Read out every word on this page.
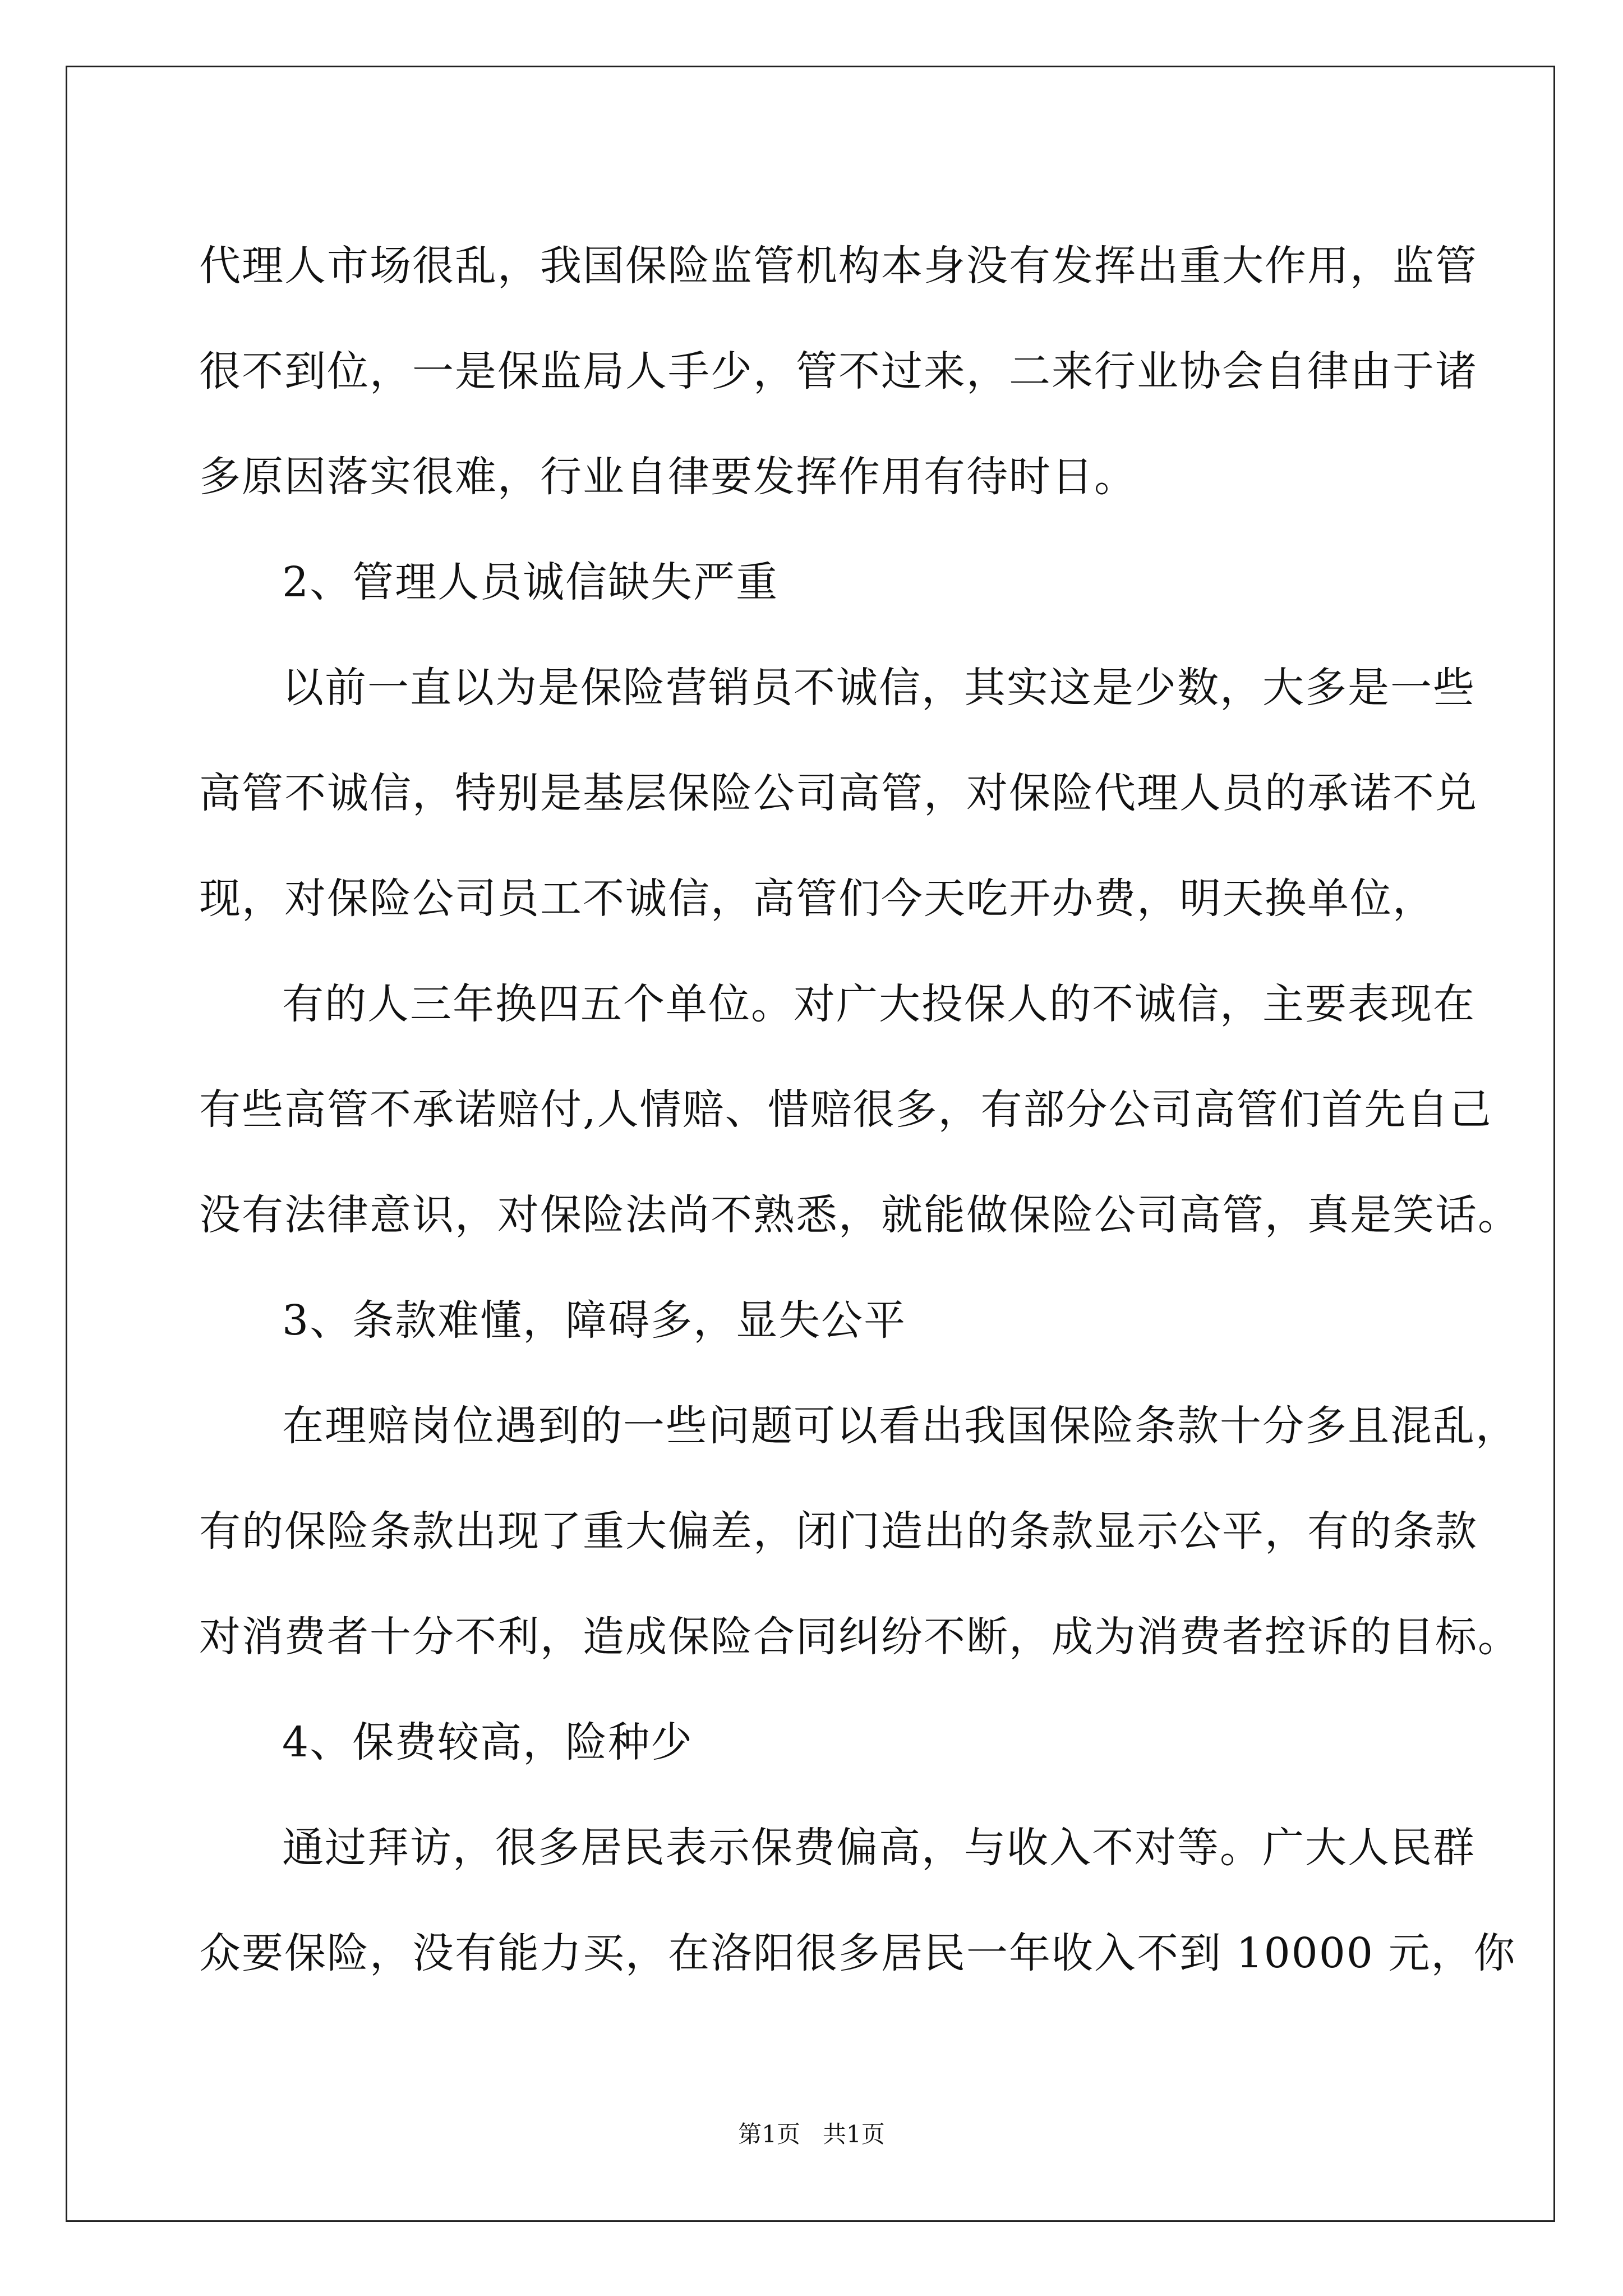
代理人市场很乱，我国保险监管机构本身没有发挥出重大作用，监管

很不到位，一是保监局人手少，管不过来，二来行业协会自律由于诸

多原因落实很难，行业自律要发挥作用有待时日。

2、管理人员诚信缺失严重

以前一直以为是保险营销员不诚信，其实这是少数，大多是一些

高管不诚信，特别是基层保险公司高管，对保险代理人员的承诺不兑

现，对保险公司员工不诚信，高管们今天吃开办费，明天换单位，

有的人三年换四五个单位。对广大投保人的不诚信，主要表现在

有些高管不承诺赔付,人情赔、惜赔很多，有部分公司高管们首先自己

没有法律意识，对保险法尚不熟悉，就能做保险公司高管，真是笑话。

3、条款难懂，障碍多，显失公平

在理赔岗位遇到的一些问题可以看出我国保险条款十分多且混乱，

有的保险条款出现了重大偏差，闭门造出的条款显示公平，有的条款

对消费者十分不利，造成保险合同纠纷不断，成为消费者控诉的目标。

4、保费较高，险种少

通过拜访，很多居民表示保费偏高，与收入不对等。广大人民群

众要保险，没有能力买，在洛阳很多居民一年收入不到 10000 元，你

第1页 共1页
